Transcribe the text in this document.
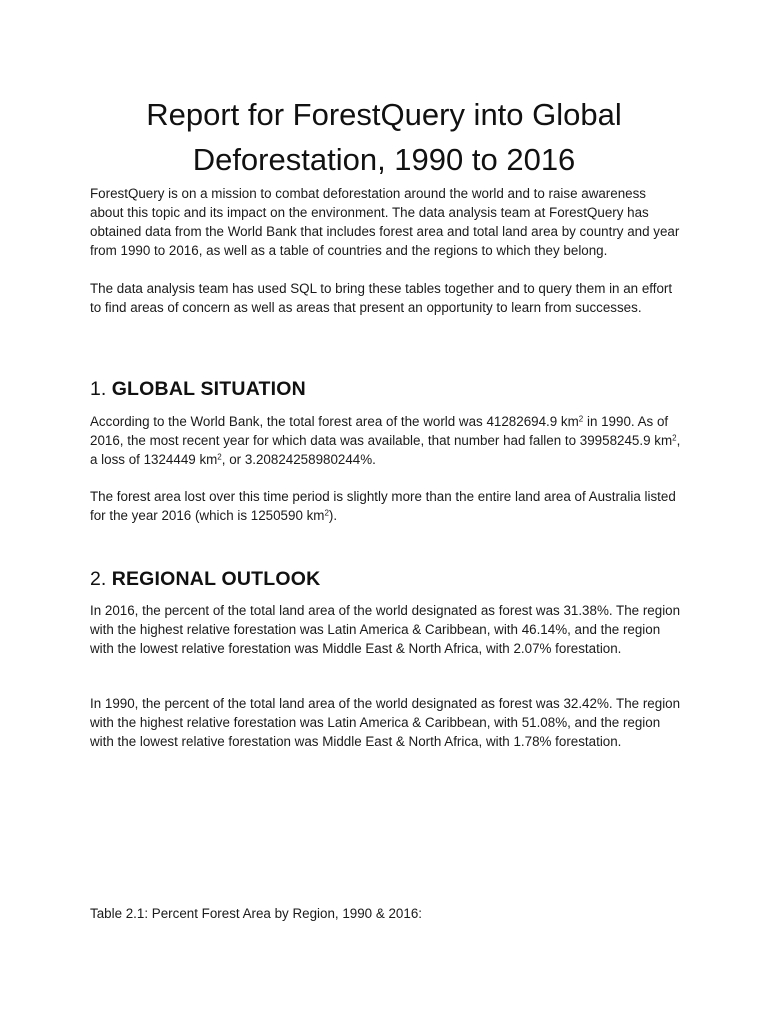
Report for ForestQuery into Global
Deforestation, 1990 to 2016

ForestQuery is on a mission to combat deforestation around the world and to raise awareness about this topic and its impact on the environment. The data analysis team at ForestQuery has obtained data from the World Bank that includes forest area and total land area by country and year from 1990 to 2016, as well as a table of countries and the regions to which they belong.

The data analysis team has used SQL to bring these tables together and to query them in an effort to find areas of concern as well as areas that present an opportunity to learn from successes.

1. GLOBAL SITUATION

According to the World Bank, the total forest area of the world was 41282694.9 $km^2$ in 1990. As of 2016, the most recent year for which data was available, that number had fallen to 39958245.9 $km^2$, a loss of 1324449 $km^2$, or 3.20824258980244%.

The forest area lost over this time period is slightly more than the entire land area of Australia listed for the year 2016 (which is 1250590 $km^2$).

2. REGIONAL OUTLOOK

In 2016, the percent of the total land area of the world designated as forest was 31.38%. The region with the highest relative forestation was Latin America & Caribbean, with 46.14%, and the region with the lowest relative forestation was Middle East & North Africa, with 2.07% forestation.

In 1990, the percent of the total land area of the world designated as forest was 32.42%. The region with the highest relative forestation was Latin America & Caribbean, with 51.08%, and the region with the lowest relative forestation was Middle East & North Africa, with 1.78% forestation.

Table 2.1: Percent Forest Area by Region, 1990 & 2016:
